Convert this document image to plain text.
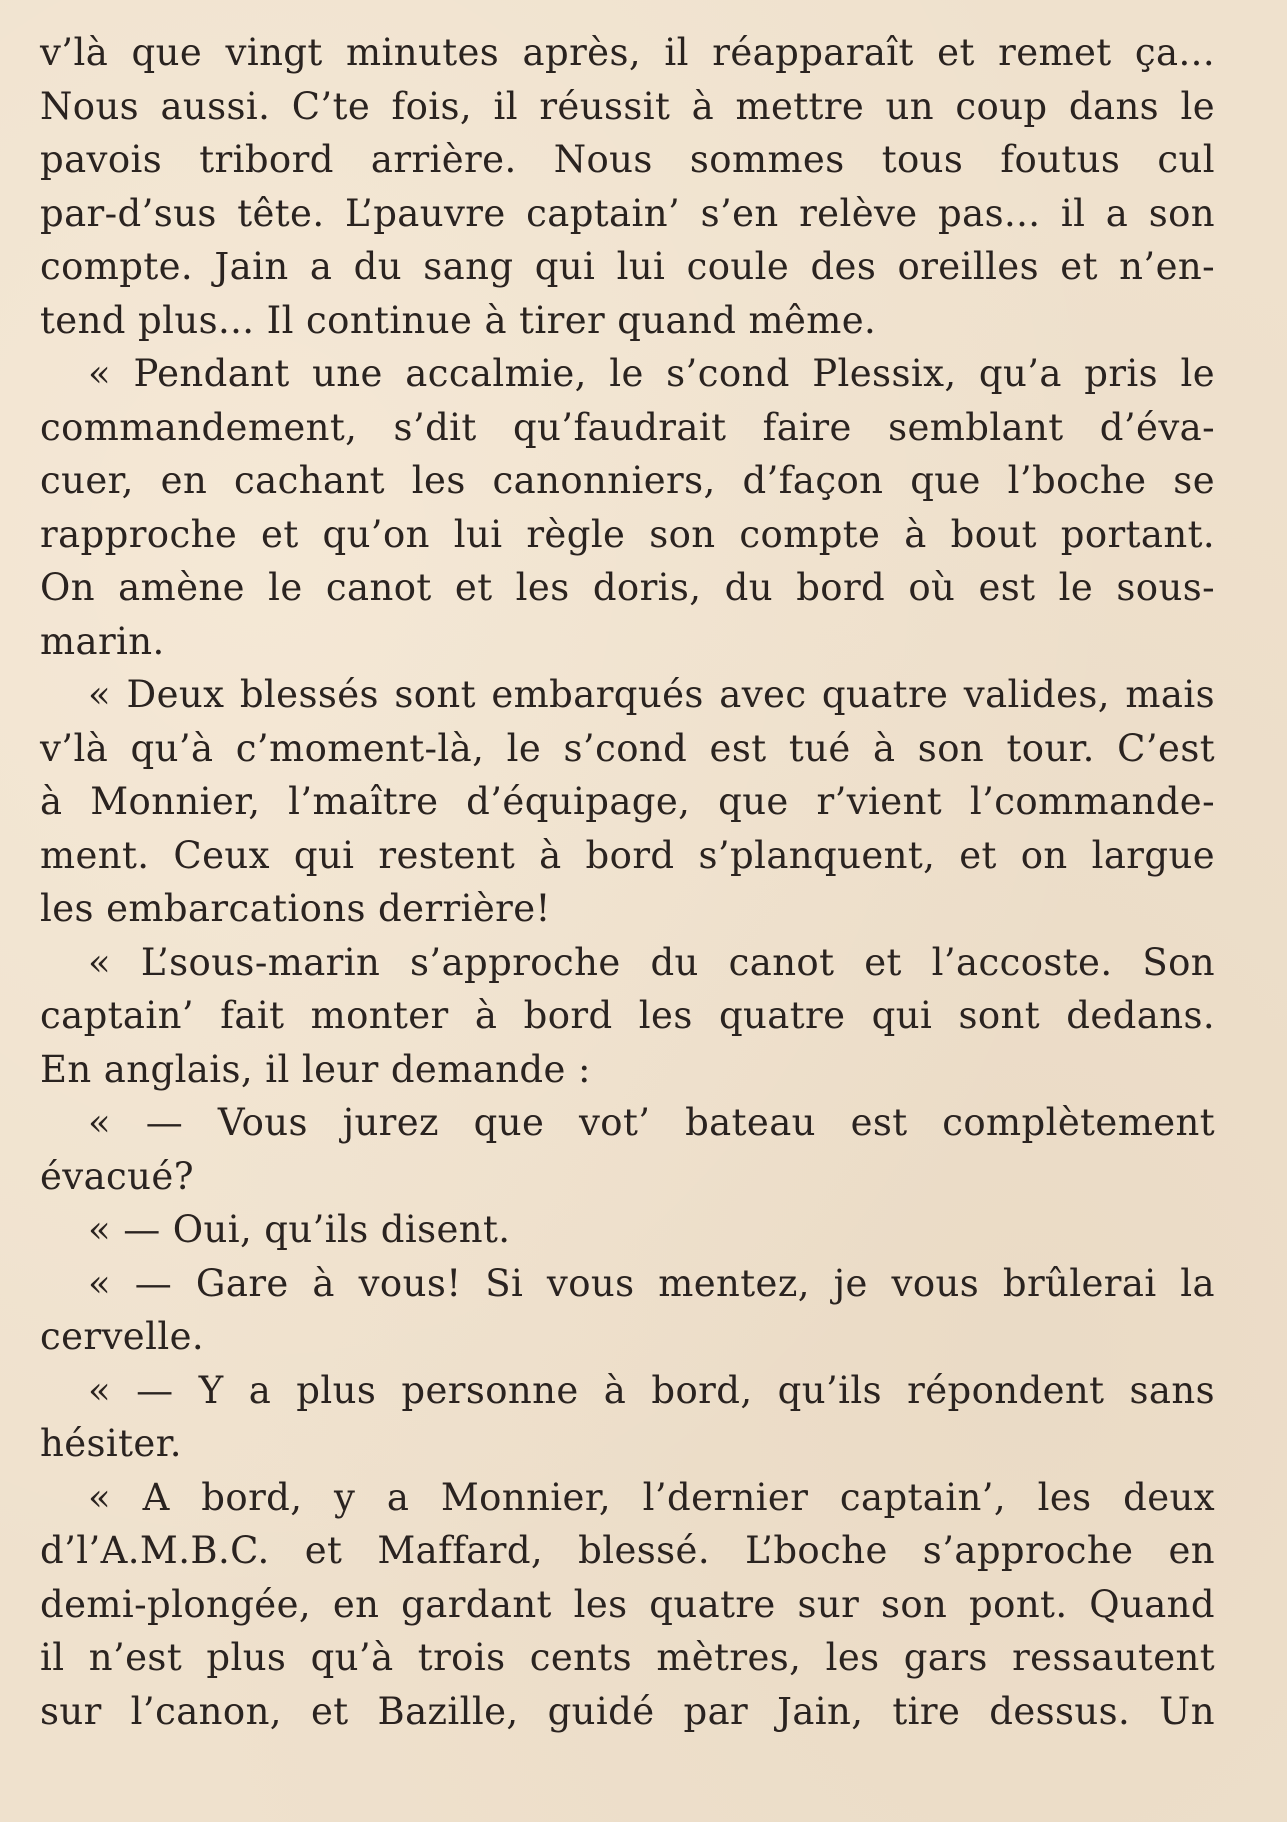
v’là que vingt minutes après, il réapparaît et remet ça...
Nous aussi. C’te fois, il réussit à mettre un coup dans le
pavois tribord arrière. Nous sommes tous foutus cul
par-d’sus tête. L’pauvre captain’ s’en relève pas... il a son
compte. Jain a du sang qui lui coule des oreilles et n’en-
tend plus... Il continue à tirer quand même.

« Pendant une accalmie, le s’cond Plessix, qu’a pris le
commandement, s’dit qu’faudrait faire semblant d’éva-
cuer, en cachant les canonniers, d’façon que l’boche se
rapproche et qu’on lui règle son compte à bout portant.
On amène le canot et les doris, du bord où est le sous-
marin.

« Deux blessés sont embarqués avec quatre valides, mais
v’là qu’à c’moment-là, le s’cond est tué à son tour. C’est
à Monnier, l’maître d’équipage, que r’vient l’commande-
ment. Ceux qui restent à bord s’planquent, et on largue
les embarcations derrière!

« L’sous-marin s’approche du canot et l’accoste. Son
captain’ fait monter à bord les quatre qui sont dedans.
En anglais, il leur demande :

« — Vous jurez que vot’ bateau est complètement
évacué?

« — Oui, qu’ils disent.

« — Gare à vous! Si vous mentez, je vous brûlerai la
cervelle.

« — Y a plus personne à bord, qu’ils répondent sans
hésiter.

« A bord, y a Monnier, l’dernier captain’, les deux
d’l’A.M.B.C. et Maffard, blessé. L’boche s’approche en
demi-plongée, en gardant les quatre sur son pont. Quand
il n’est plus qu’à trois cents mètres, les gars ressautent
sur l’canon, et Bazille, guidé par Jain, tire dessus. Un
